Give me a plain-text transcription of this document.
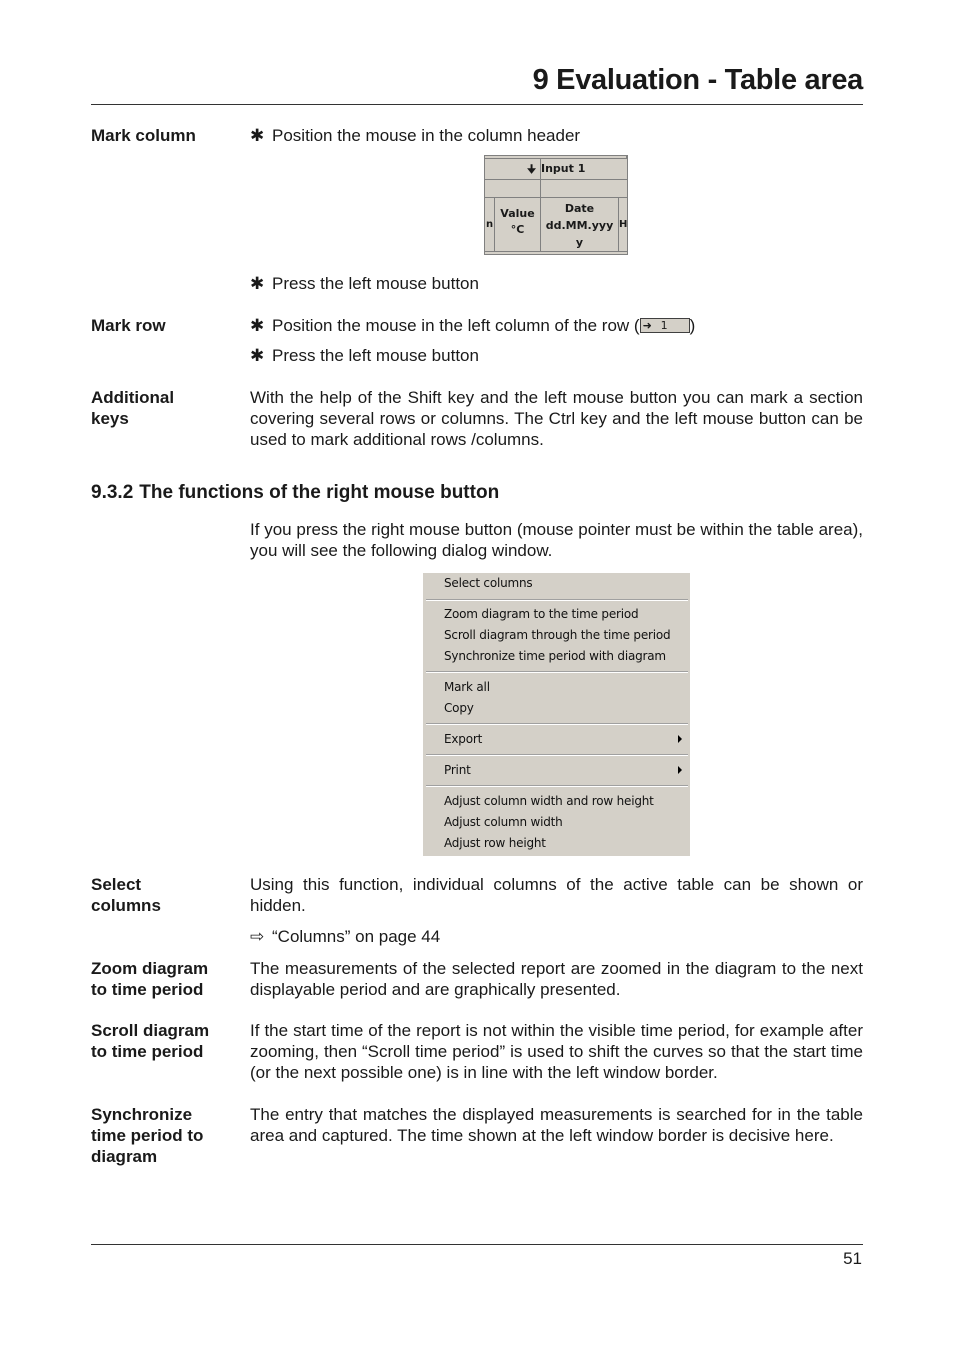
9 Evaluation - Table area
Mark column	✱ Position the mouse in the column header
🠋 Input 1
n
Value
°C
Date
dd.MM.yyy
y
H
✱ Press the left mouse button
Mark row	✱ Position the mouse in the left column of the row ( ➜ 1 )
✱ Press the left mouse button
Additional
keys
With the help of the Shift key and the left mouse button you can mark a section covering several rows or columns. The Ctrl key and the left mouse button can be used to mark additional rows /columns.
9.3.2 The functions of the right mouse button
If you press the right mouse button (mouse pointer must be within the table area), you will see the following dialog window.
Select columns
Zoom diagram to the time period
Scroll diagram through the time period
Synchronize time period with diagram
Mark all
Copy
Export
Print
Adjust column width and row height
Adjust column width
Adjust row height
Select
columns
Using this function, individual columns of the active table can be shown or hidden.
⇨ “Columns” on page 44
Zoom diagram
to time period
The measurements of the selected report are zoomed in the diagram to the next displayable period and are graphically presented.
Scroll diagram
to time period
If the start time of the report is not within the visible time period, for example after zooming, then “Scroll time period” is used to shift the curves so that the start time (or the next possible one) is in line with the left window border.
Synchronize
time period to
diagram
The entry that matches the displayed measurements is searched for in the table area and captured. The time shown at the left window border is decisive here.
51
